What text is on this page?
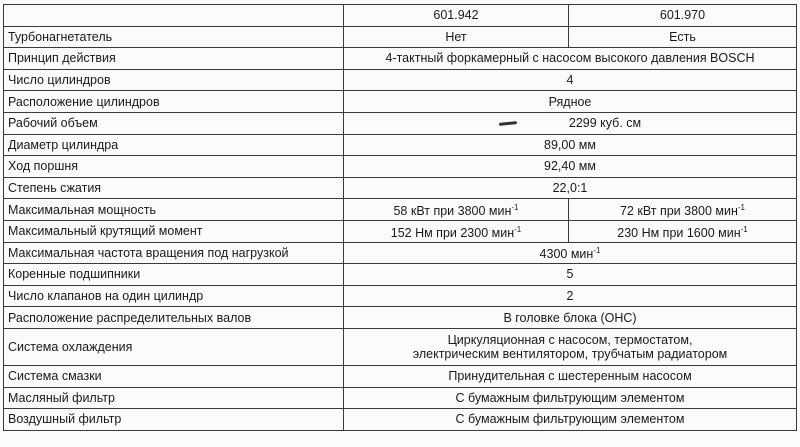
	601.942	601.970
Турбонагнетатель	Нет	Есть
Принцип действия	4-тактный форкамерный с насосом высокого давления BOSCH	
Число цилиндров	4	
Расположение цилиндров	Рядное	
Рабочий объем	2299 куб. см	
Диаметр цилиндра	89,00 мм	
Ход поршня	92,40 мм	
Степень сжатия	22,0:1	
Максимальная мощность	58 кВт при 3800 мин$^{-1}$	72 кВт при 3800 мин$^{-1}$
Максимальный крутящий момент	152 Нм при 2300 мин$^{-1}$	230 Нм при 1600 мин$^{-1}$
Максимальная частота вращения под нагрузкой	4300 мин$^{-1}$
Коренные подшипники	5	
Число клапанов на один цилиндр	2	
Расположение распределительных валов	В головке блока (ОНС)	
Система охлаждения	Циркуляционная с насосом, термостатом,
электрическим вентилятором, трубчатым радиатором	

Система смазки	Принудительная с шестеренным насосом	
Масляный фильтр	С бумажным фильтрующим элементом	
Воздушный фильтр	С бумажным фильтрующим элементом	
